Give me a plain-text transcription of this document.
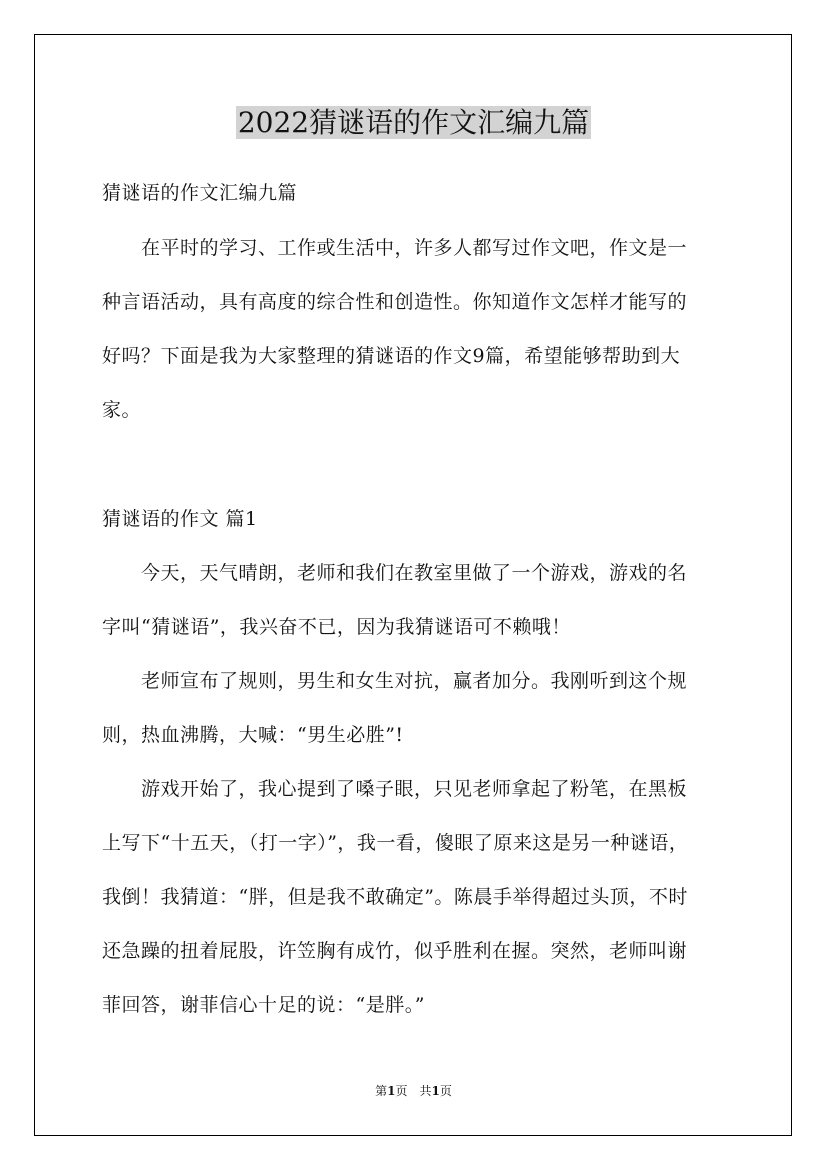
2022猜谜语的作文汇编九篇
猜谜语的作文汇编九篇
　　在平时的学习、工作或生活中，许多人都写过作文吧，作文是一
种言语活动，具有高度的综合性和创造性。你知道作文怎样才能写的
好吗？下面是我为大家整理的猜谜语的作文9篇，希望能够帮助到大
家。
猜谜语的作文 篇1
　　今天，天气晴朗，老师和我们在教室里做了一个游戏，游戏的名
字叫“猜谜语”，我兴奋不已，因为我猜谜语可不赖哦！
　　老师宣布了规则，男生和女生对抗，赢者加分。我刚听到这个规
则，热血沸腾，大喊：“男生必胜”!
　　游戏开始了，我心提到了嗓子眼，只见老师拿起了粉笔，在黑板
上写下“十五天，（打一字）”，我一看，傻眼了原来这是另一种谜语，
我倒！我猜道：“胖，但是我不敢确定”。陈晨手举得超过头顶，不时
还急躁的扭着屁股，许笠胸有成竹，似乎胜利在握。突然，老师叫谢
菲回答，谢菲信心十足的说：“是胖。”
第1页　共1页
